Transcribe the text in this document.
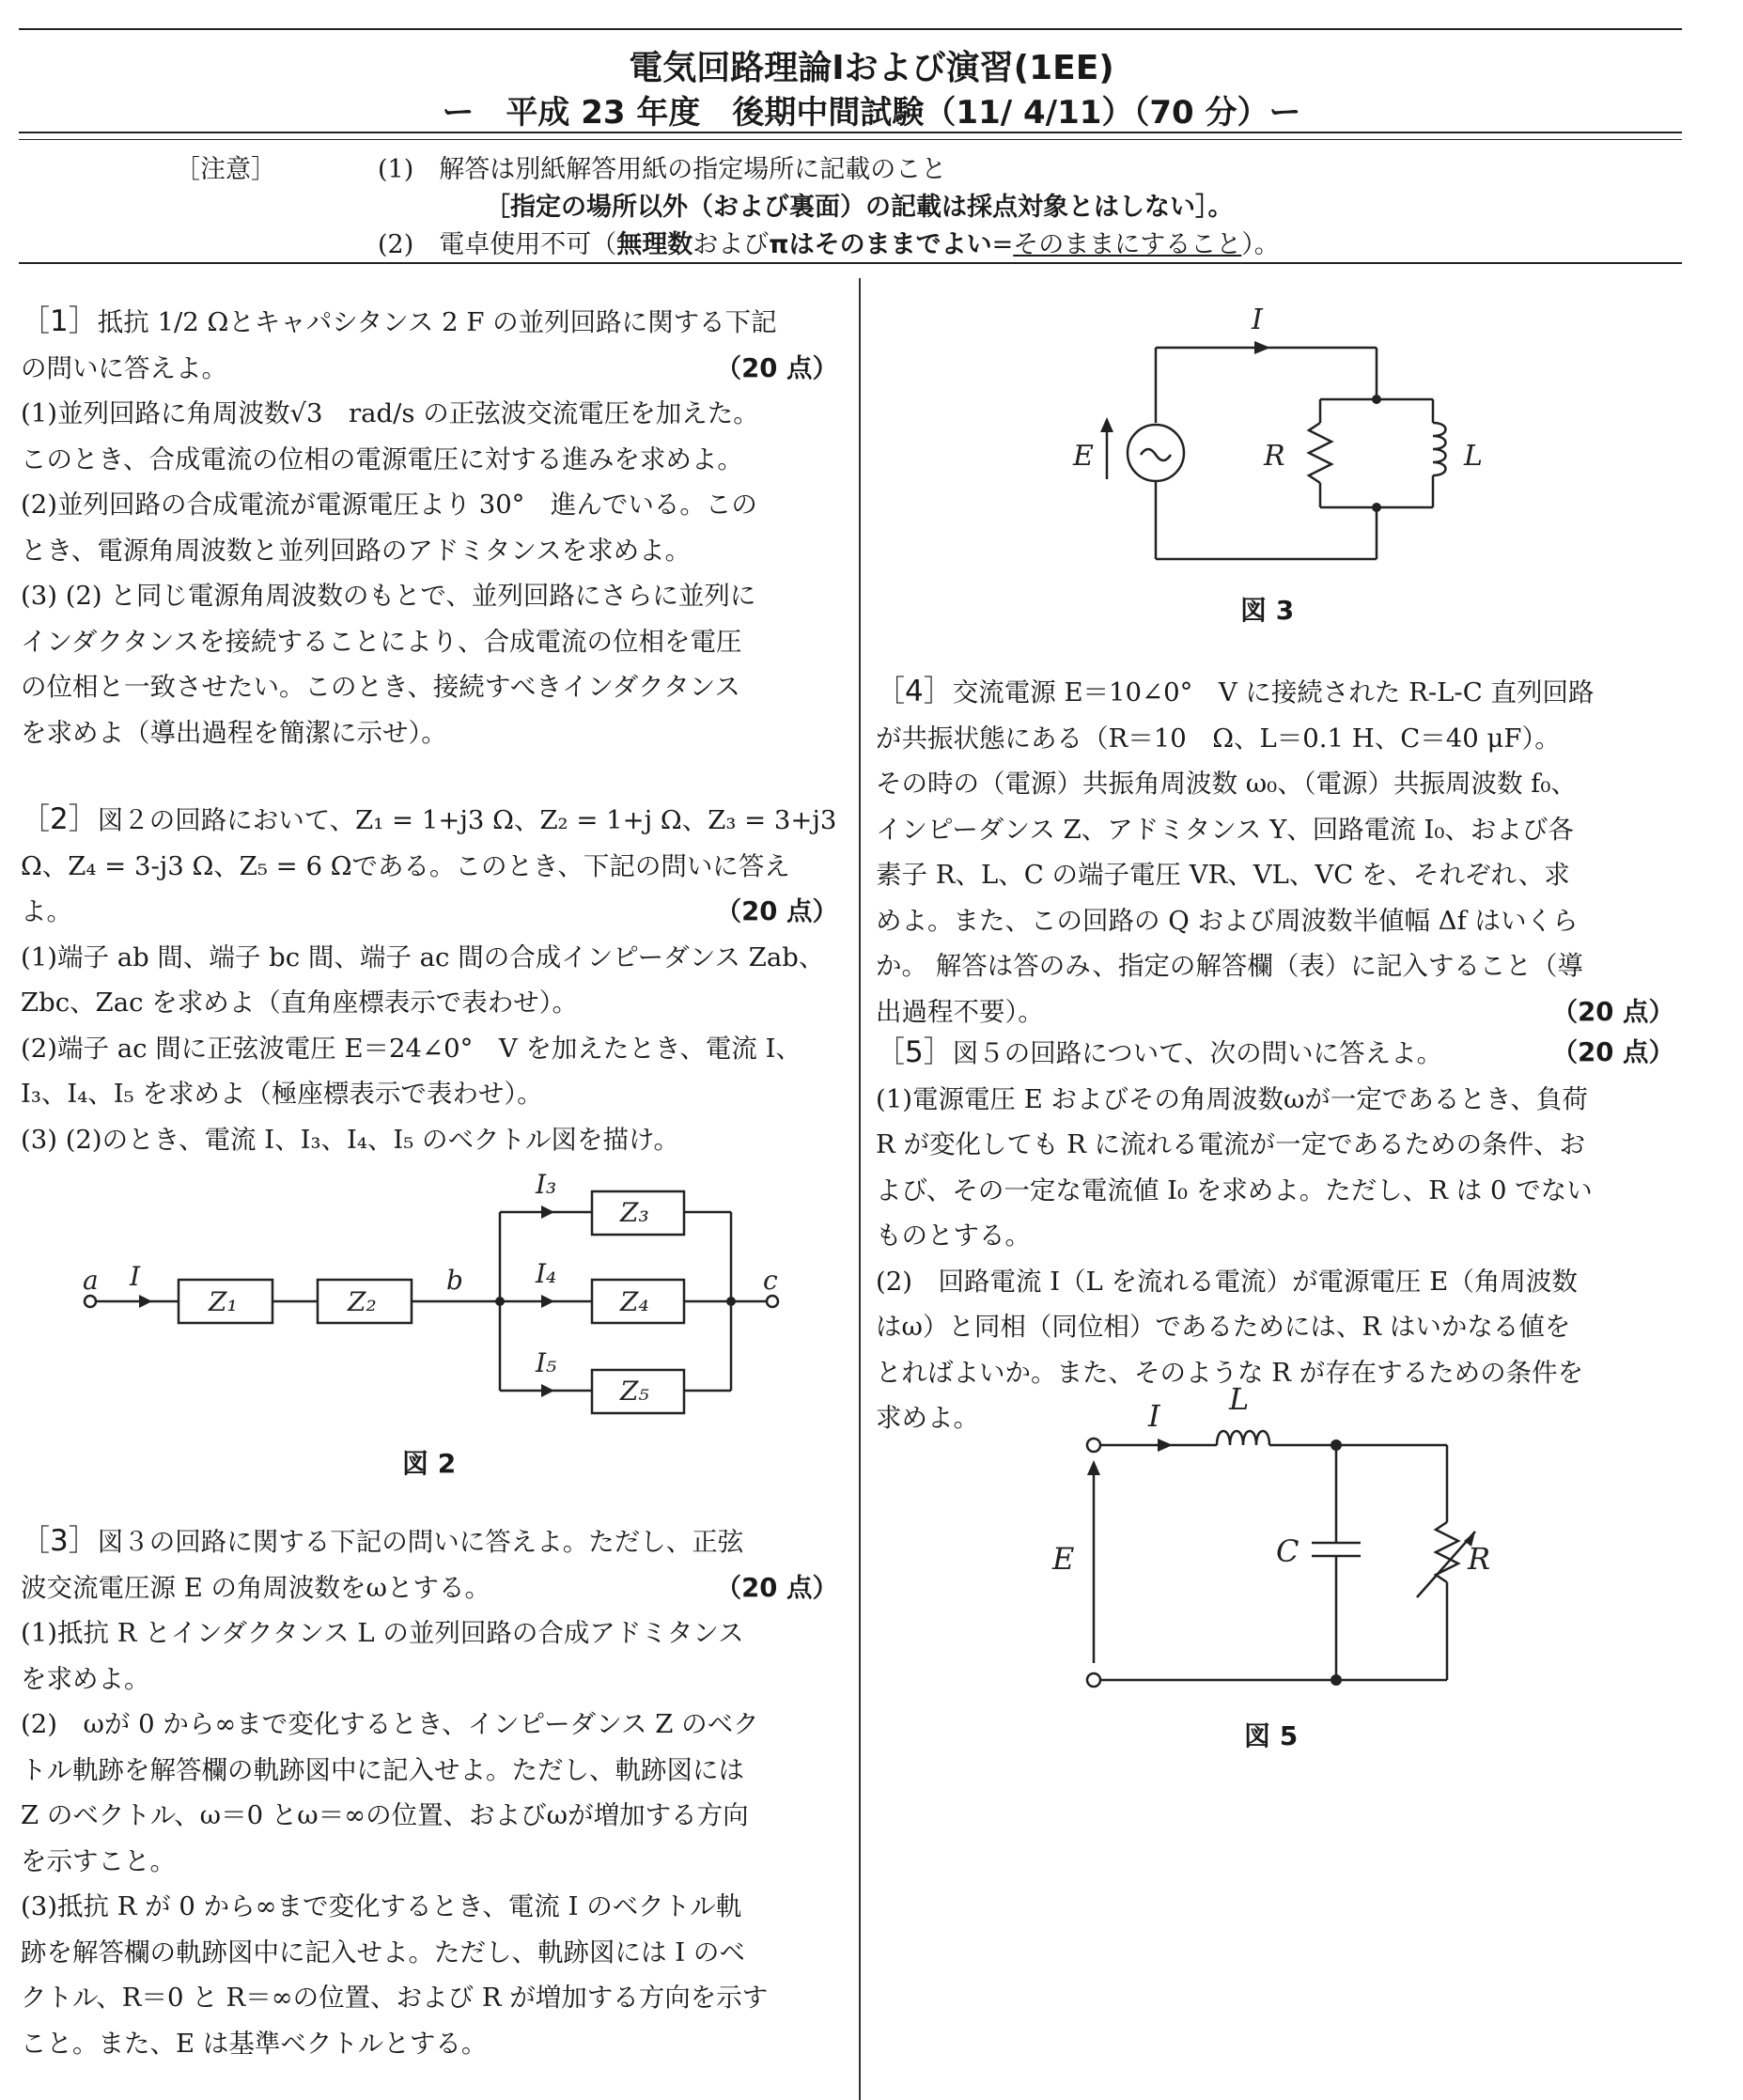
電気回路理論Ⅰおよび演習(1EE)
ー　平成 23 年度　後期中間試験（11/ 4/11）（70 分）ー
［注意］	(1)　解答は別紙解答用紙の指定場所に記載のこと
［指定の場所以外（および裏面）の記載は採点対象とはしない］。
(2)　電卓使用不可（無理数およびπはそのままでよい=そのままにすること）。

［1］抵抗 1/2 Ωとキャパシタンス 2 F の並列回路に関する下記

の問いに答えよ。	（20 点）

(1)並列回路に角周波数√3　rad/s の正弦波交流電圧を加えた。

このとき、合成電流の位相の電源電圧に対する進みを求めよ。

(2)並列回路の合成電流が電源電圧より 30°　進んでいる。この

とき、電源角周波数と並列回路のアドミタンスを求めよ。

(3) (2) と同じ電源角周波数のもとで、並列回路にさらに並列に

インダクタンスを接続することにより、合成電流の位相を電圧

の位相と一致させたい。このとき、接続すべきインダクタンス

を求めよ（導出過程を簡潔に示せ）。

［2］図２の回路において、Z₁ = 1+j3 Ω、Z₂ = 1+j Ω、Z₃ = 3+j3

Ω、Z₄ = 3-j3 Ω、Z₅ = 6 Ωである。このとき、下記の問いに答え

よ。	（20 点）

(1)端子 ab 間、端子 bc 間、端子 ac 間の合成インピーダンス Zab、

Zbc、Zac を求めよ（直角座標表示で表わせ）。

(2)端子 ac 間に正弦波電圧 E＝24∠0°　V を加えたとき、電流 I、

I₃、I₄、I₅ を求めよ（極座標表示で表わせ）。

(3) (2)のとき、電流 I、I₃、I₄、I₅ のベクトル図を描け。

a I
Z₁	Z₂
b
I₃
Z₃
I₄
Z₄
I₅
Z₅
c
図 2

［3］図３の回路に関する下記の問いに答えよ。ただし、正弦

波交流電圧源 E の角周波数をωとする。	（20 点）

(1)抵抗 R とインダクタンス L の並列回路の合成アドミタンス

を求めよ。

(2)　ωが 0 から∞まで変化するとき、インピーダンス Z のベク

トル軌跡を解答欄の軌跡図中に記入せよ。ただし、軌跡図には

Z のベクトル、ω＝0 とω＝∞の位置、およびωが増加する方向

を示すこと。

(3)抵抗 R が 0 から∞まで変化するとき、電流 I のベクトル軌

跡を解答欄の軌跡図中に記入せよ。ただし、軌跡図には I のベ

クトル、R＝0 と R＝∞の位置、および R が増加する方向を示す

こと。また、E は基準ベクトルとする。

I
E	R	L
図 3

［4］交流電源 E＝10∠0°　V に接続された R-L-C 直列回路

が共振状態にある（R＝10　Ω、L＝0.1 H、C＝40 μF）。

その時の（電源）共振角周波数 ω₀、（電源）共振周波数 f₀、

インピーダンス Z、アドミタンス Y、回路電流 I₀、および各

素子 R、L、C の端子電圧 VR、VL、VC を、それぞれ、求

めよ。また、この回路の Q および周波数半値幅 Δf はいくら

か。 解答は答のみ、指定の解答欄（表）に記入すること（導

出過程不要）。	（20 点）

［5］図５の回路について、次の問いに答えよ。	（20 点）

(1)電源電圧 E およびその角周波数ωが一定であるとき、負荷

R が変化しても R に流れる電流が一定であるための条件、お

よび、その一定な電流値 I₀ を求めよ。ただし、R は 0 でない

ものとする。

(2)　回路電流 I（L を流れる電流）が電源電圧 E（角周波数

はω）と同相（同位相）であるためには、R はいかなる値を

とればよいか。また、そのような R が存在するための条件を

求めよ。	I L
E	C	R
図 5
